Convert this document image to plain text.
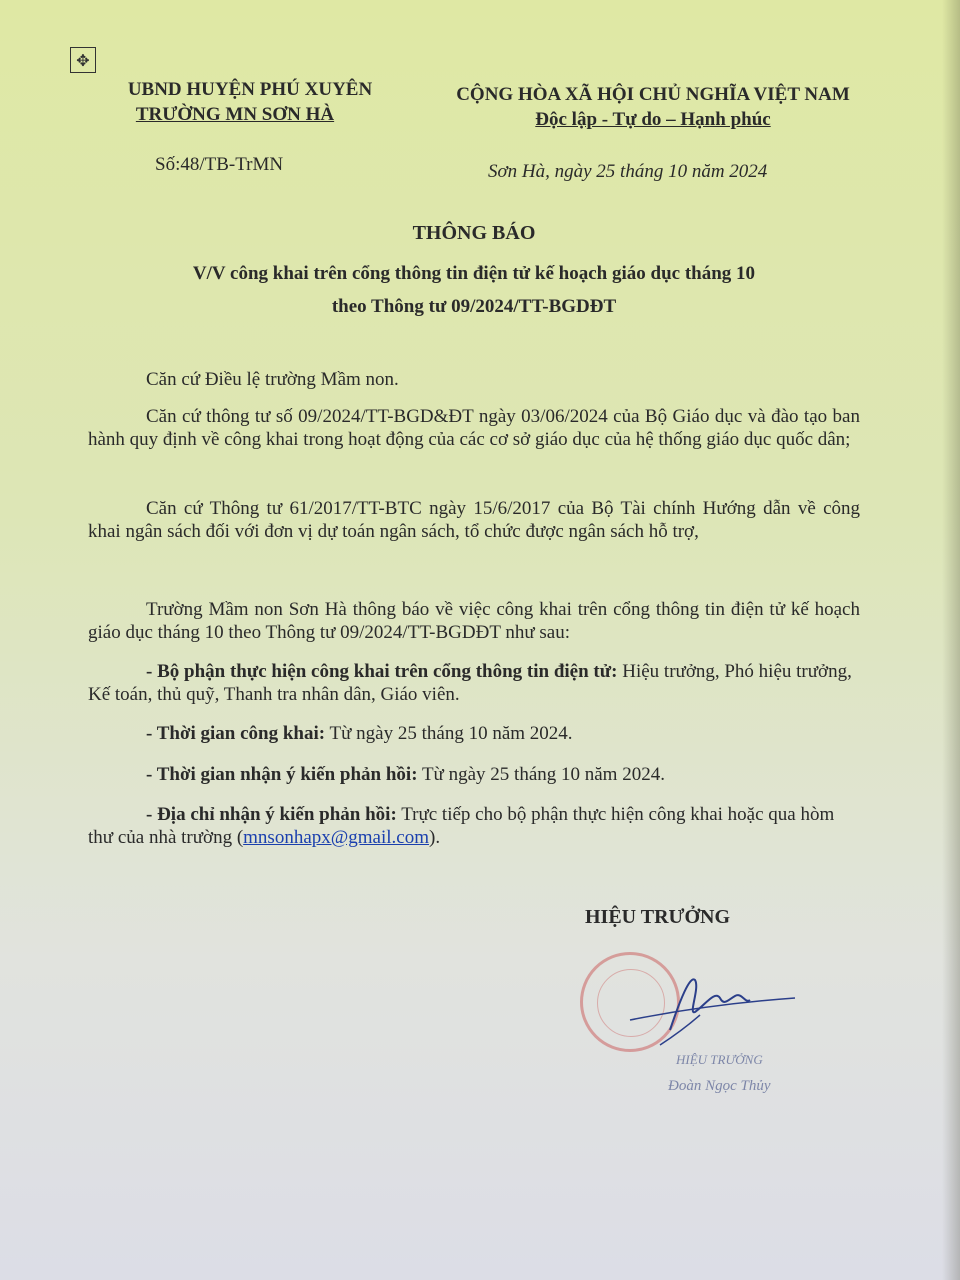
✥
UBND HUYỆN PHÚ XUYÊN
TRƯỜNG MN SƠN HÀ
Số:48/TB-TrMN
CỘNG HÒA XÃ HỘI CHỦ NGHĨA VIỆT NAM
Độc lập - Tự do – Hạnh phúc
Sơn Hà, ngày 25 tháng 10 năm 2024
THÔNG BÁO
V/V công khai trên cổng thông tin điện tử kế hoạch giáo dục tháng 10
theo Thông tư 09/2024/TT-BGDĐT
Căn cứ Điều lệ trường Mầm non.
Căn cứ thông tư số 09/2024/TT-BGD&ĐT ngày 03/06/2024 của Bộ Giáo dục và đào tạo ban hành quy định về công khai trong hoạt động của các cơ sở giáo dục của hệ thống giáo dục quốc dân;
Căn cứ Thông tư 61/2017/TT-BTC ngày 15/6/2017 của Bộ Tài chính Hướng dẫn về công khai ngân sách đối với đơn vị dự toán ngân sách, tổ chức được ngân sách hỗ trợ,
Trường Mầm non Sơn Hà thông báo về việc công khai trên cổng thông tin điện tử kế hoạch giáo dục tháng 10 theo Thông tư 09/2024/TT-BGDĐT như sau:
- Bộ phận thực hiện công khai trên cổng thông tin điện tử: Hiệu trưởng, Phó hiệu trưởng, Kế toán, thủ quỹ, Thanh tra nhân dân, Giáo viên.
- Thời gian công khai: Từ ngày 25 tháng 10 năm 2024.
- Thời gian nhận ý kiến phản hồi: Từ ngày 25 tháng 10 năm 2024.
- Địa chỉ nhận ý kiến phản hồi: Trực tiếp cho bộ phận thực hiện công khai hoặc qua hòm thư của nhà trường (mnsonhapx@gmail.com).
HIỆU TRƯỞNG
HIỆU TRƯỞNG
Đoàn Ngọc Thủy
